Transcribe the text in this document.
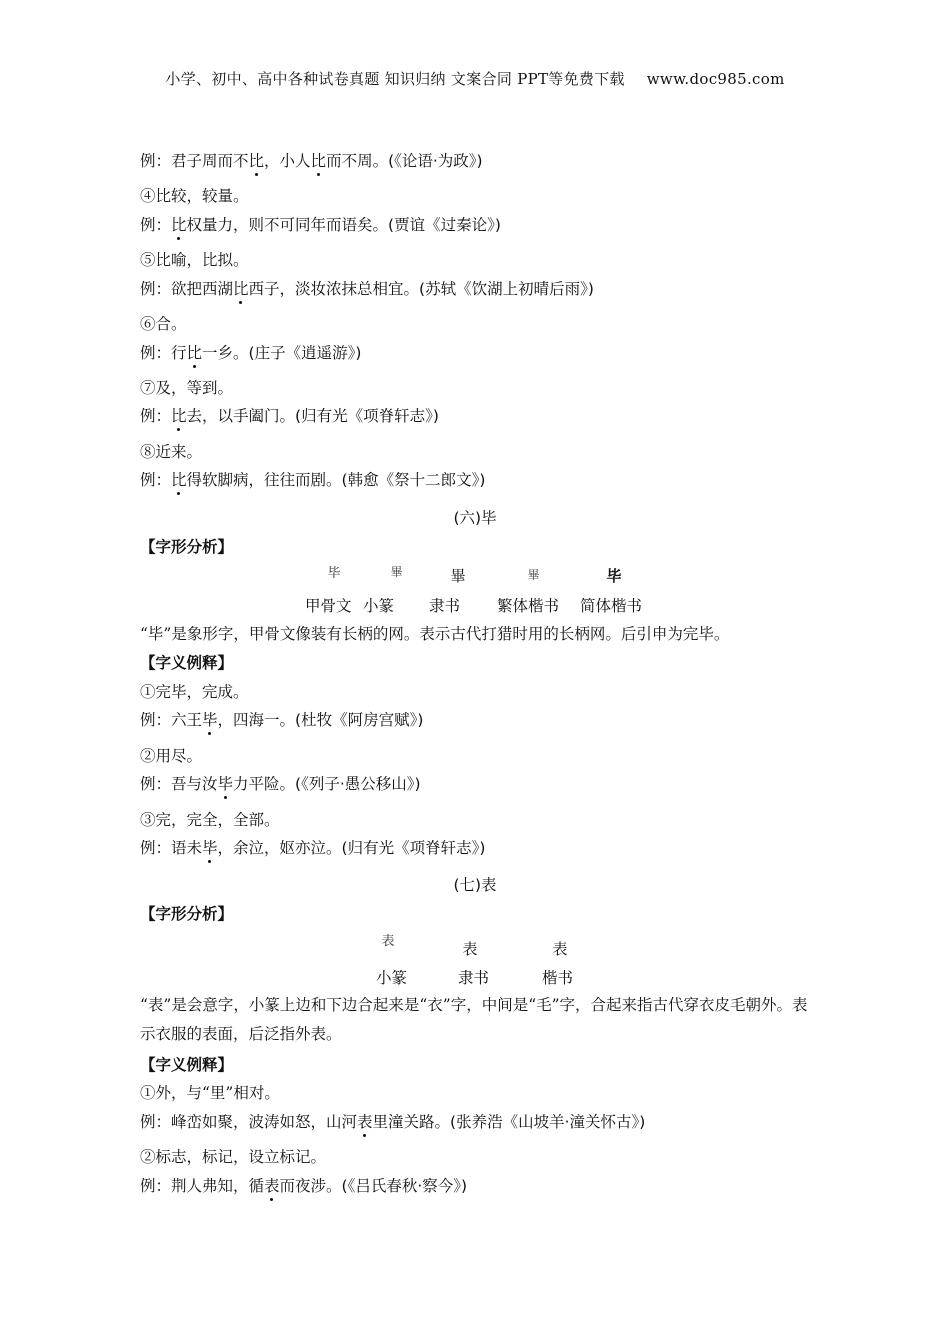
小学、初中、高中各种试卷真题 知识归纳 文案合同 PPT等免费下载 www.doc985.com
例：君子周而不比，小人比而不周。(《论语·为政》)
④比较，较量。
例：比权量力，则不可同年而语矣。(贾谊《过秦论》)
⑤比喻，比拟。
例：欲把西湖比西子，淡妆浓抹总相宜。(苏轼《饮湖上初晴后雨》)
⑥合。
例：行比一乡。(庄子《逍遥游》)
⑦及，等到。
例：比去，以手阖门。(归有光《项脊轩志》)
⑧近来。
例：比得软脚病，往往而剧。(韩愈《祭十二郎文》)
(六)毕
【字形分析】
毕	畢	畢	畢	毕
甲骨文 小篆 隶书 繁体楷书 简体楷书
“毕”是象形字，甲骨文像装有长柄的网。表示古代打猎时用的长柄网。后引申为完毕。
【字义例释】
①完毕，完成。
例：六王毕，四海一。(杜牧《阿房宫赋》)
②用尽。
例：吾与汝毕力平险。(《列子·愚公移山》)
③完，完全，全部。
例：语未毕，余泣，妪亦泣。(归有光《项脊轩志》)
(七)表
【字形分析】
表	表	表
小篆	隶书	楷书
“表”是会意字，小篆上边和下边合起来是“衣”字，中间是“毛”字，合起来指古代穿衣皮毛朝外。表示衣服的表面，后泛指外表。
【字义例释】
①外，与“里”相对。
例：峰峦如聚，波涛如怒，山河表里潼关路。(张养浩《山坡羊·潼关怀古》)
②标志，标记，设立标记。
例：荆人弗知，循表而夜涉。(《吕氏春秋·察今》)
